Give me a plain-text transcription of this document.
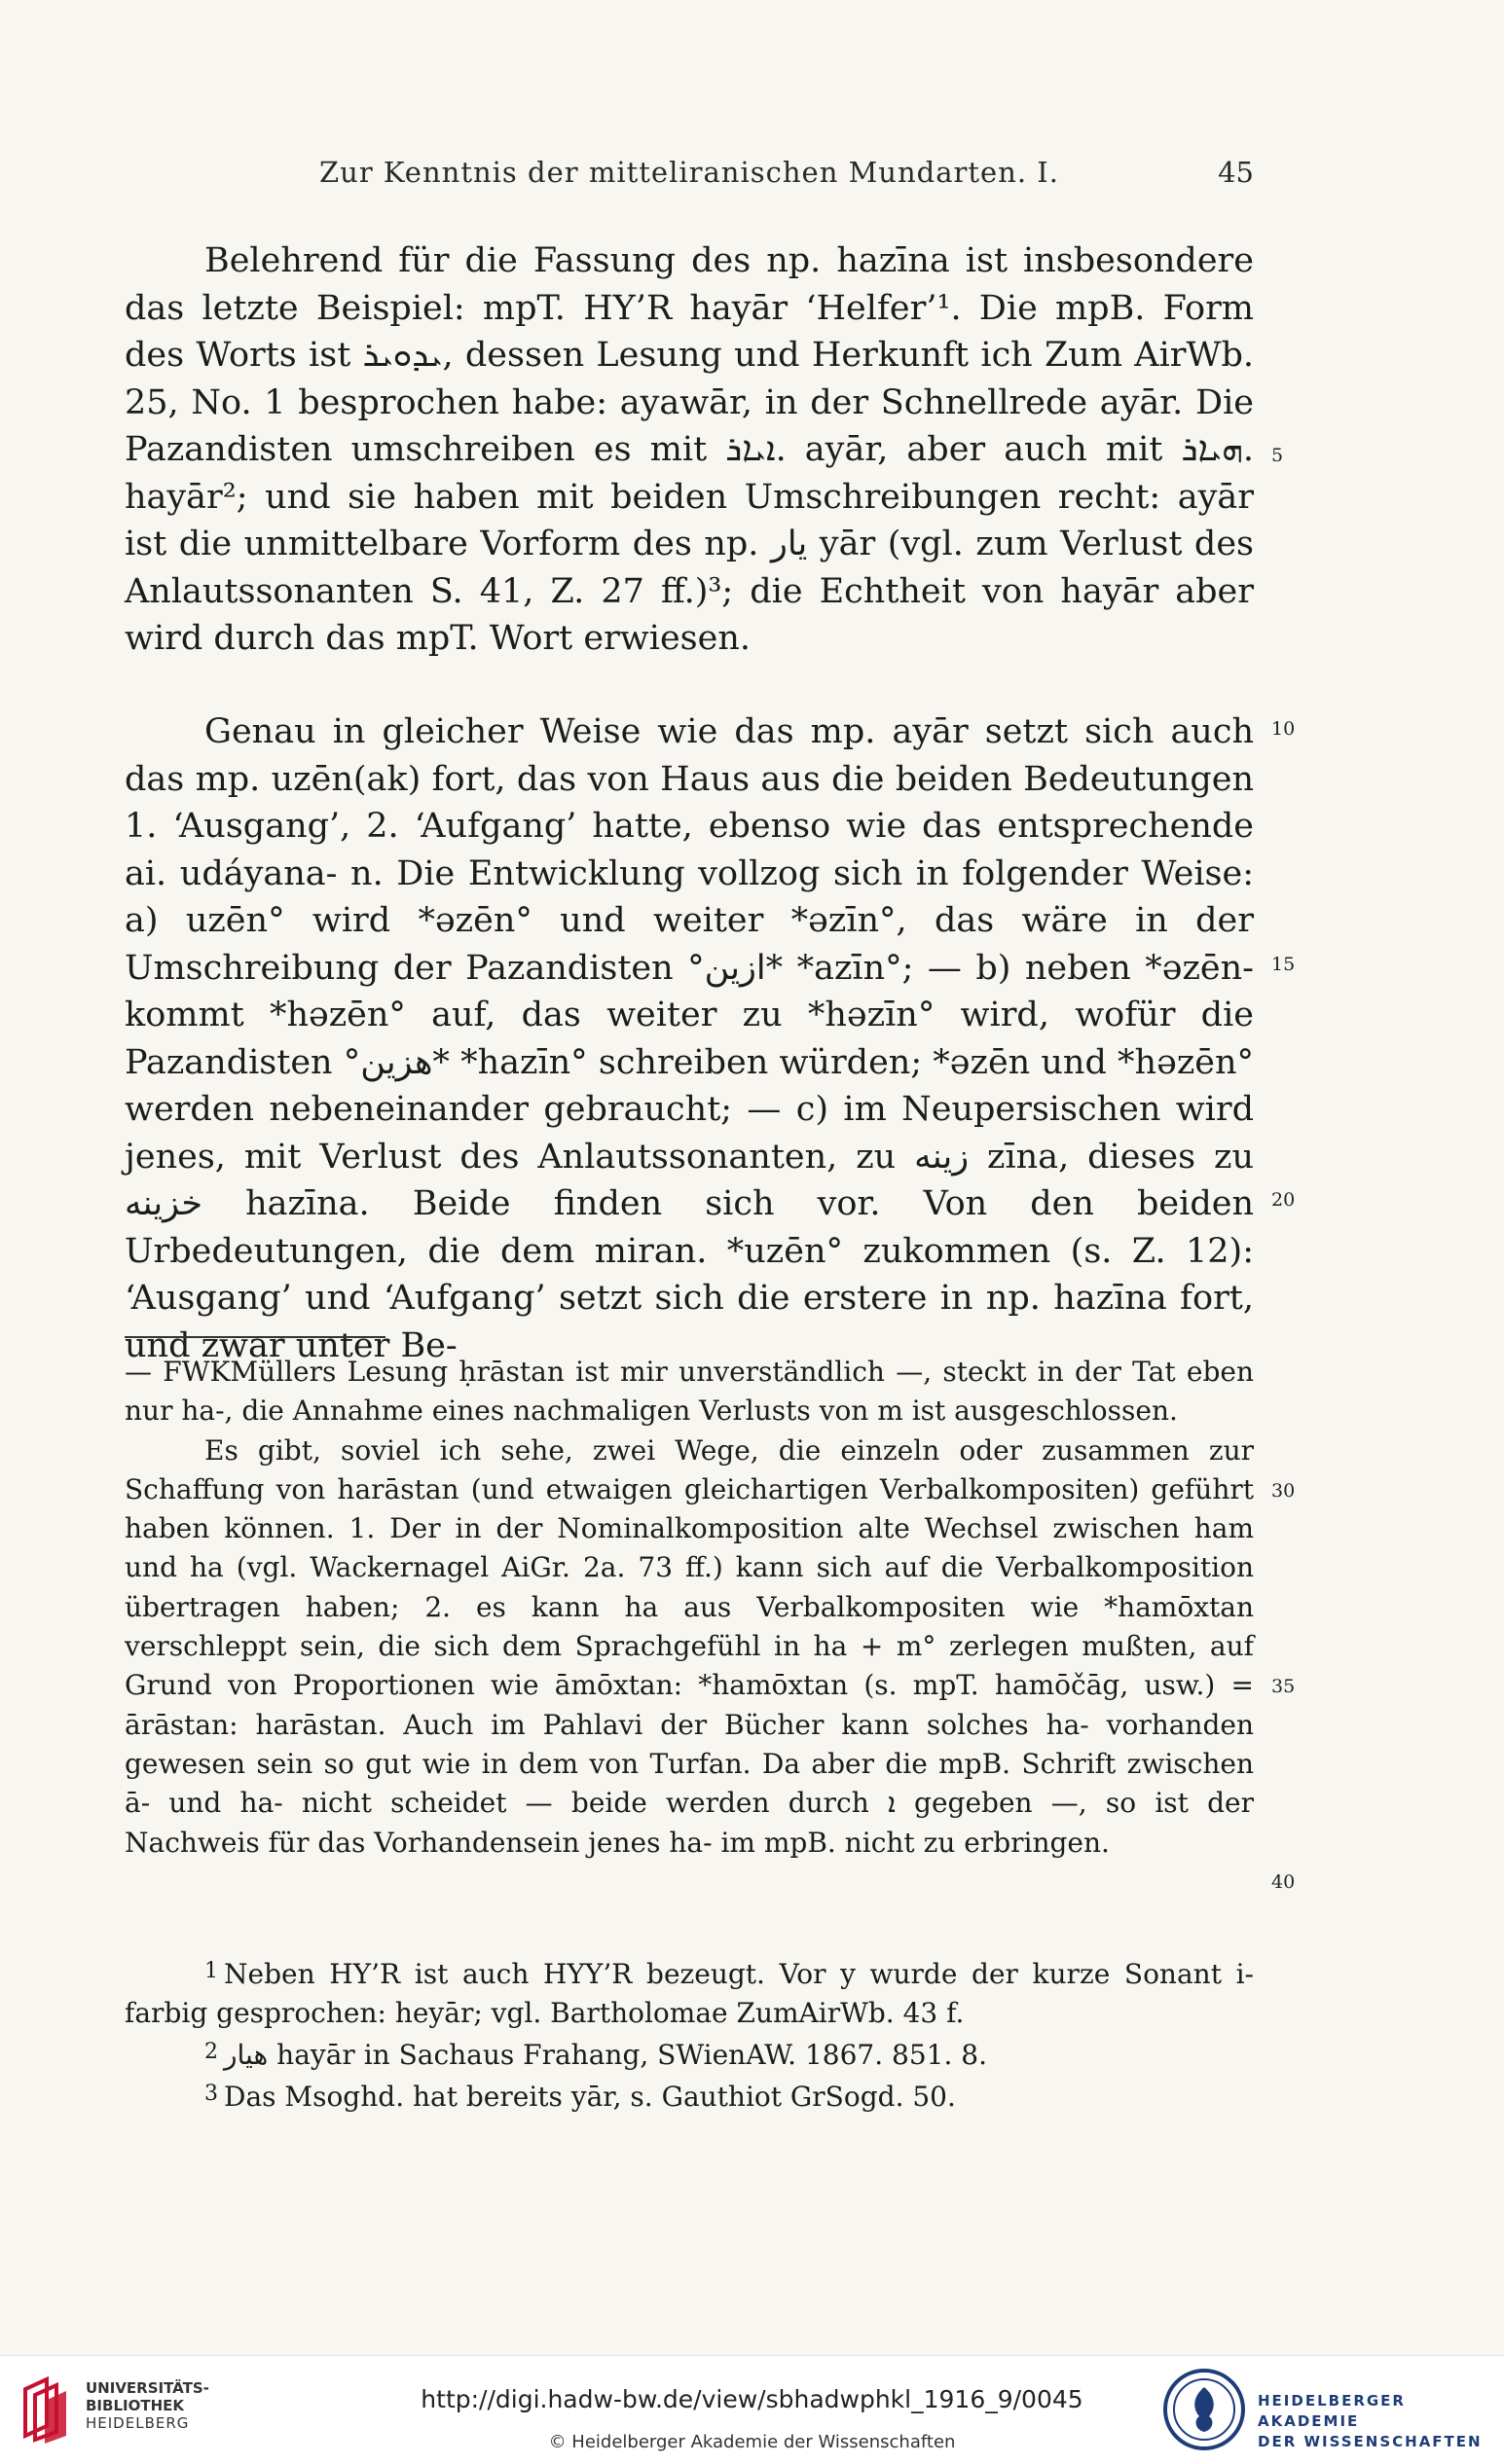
Zur Kenntnis der mitteliranischen Mundarten. I.	45

Belehrend für die Fassung des np. hazīna ist insbesondere das letzte Beispiel: mpT. HY’R hayār ‘Helfer’¹. Die mpB. Form des Worts ist ܝܕܘܝܪ, dessen Lesung und Herkunft ich Zum AirWb. 25, No. 1 besprochen habe: ayawār, in der Schnellrede ayār. Die Pazandisten umschreiben es mit ܐܝܐܪ. ayār, aber auch mit ܗܝܐܪ. hayār²; und sie haben mit beiden Umschreibungen recht: ayār ist die unmittelbare Vorform des np. یار yār (vgl. zum Verlust des Anlautssonanten S. 41, Z. 27 ff.)³; die Echtheit von hayār aber wird durch das mpT. Wort erwiesen.

Genau in gleicher Weise wie das mp. ayār setzt sich auch das mp. uzēn(ak) fort, das von Haus aus die beiden Bedeutungen 1. ‘Ausgang’, 2. ‘Aufgang’ hatte, ebenso wie das entsprechende ai. udáyana- n. Die Entwicklung vollzog sich in folgender Weise: a) uzēn° wird *əzēn° und weiter *əzīn°, das wäre in der Umschreibung der Pazandisten °ازین* *azīn°; — b) neben *əzēn- kommt *həzēn° auf, das weiter zu *həzīn° wird, wofür die Pazandisten °هزین* *hazīn° schreiben würden; *əzēn und *həzēn° werden nebeneinander gebraucht; — c) im Neupersischen wird jenes, mit Verlust des Anlautssonanten, zu زینه zīna, dieses zu خزینه hazīna. Beide finden sich vor. Von den beiden Urbedeutungen, die dem miran. *uzēn° zukommen (s. Z. 12): ‘Ausgang’ und ‘Aufgang’ setzt sich die erstere in np. hazīna fort, und zwar unter Be-

5
10
15
20
30
35
40

— FWKMüllers Lesung ḥrāstan ist mir unverständlich —, steckt in der Tat eben nur ha-, die Annahme eines nachmaligen Verlusts von m ist ausgeschlossen.

Es gibt, soviel ich sehe, zwei Wege, die einzeln oder zusammen zur Schaffung von harāstan (und etwaigen gleichartigen Verbalkompositen) geführt haben können. 1. Der in der Nominalkomposition alte Wechsel zwischen ham und ha (vgl. Wackernagel AiGr. 2a. 73 ff.) kann sich auf die Verbalkomposition übertragen haben; 2. es kann ha aus Verbalkompositen wie *hamōxtan verschleppt sein, die sich dem Sprachgefühl in ha + m° zerlegen mußten, auf Grund von Proportionen wie āmōxtan: *hamōxtan (s. mpT. hamōčāg, usw.) = ārāstan: harāstan. Auch im Pahlavi der Bücher kann solches ha- vorhanden gewesen sein so gut wie in dem von Turfan. Da aber die mpB. Schrift zwischen ā- und ha- nicht scheidet — beide werden durch ܐ gegeben —, so ist der Nachweis für das Vorhandensein jenes ha- im mpB. nicht zu erbringen.

$^1$ Neben HY’R ist auch HYY’R bezeugt. Vor y wurde der kurze Sonant i-farbig gesprochen: heyār; vgl. Bartholomae ZumAirWb. 43 f.

$^2$ هیار hayār in Sachaus Frahang, SWienAW. 1867. 851. 8.

$^3$ Das Msoghd. hat bereits yār, s. Gauthiot GrSogd. 50.

UNIVERSITÄTS-
BIBLIOTHEK
HEIDELBERG
http://digi.hadw-bw.de/view/sbhadwphkl_1916_9/0045
© Heidelberger Akademie der Wissenschaften
HEIDELBERGER AKADEMIE
DER WISSENSCHAFTEN
